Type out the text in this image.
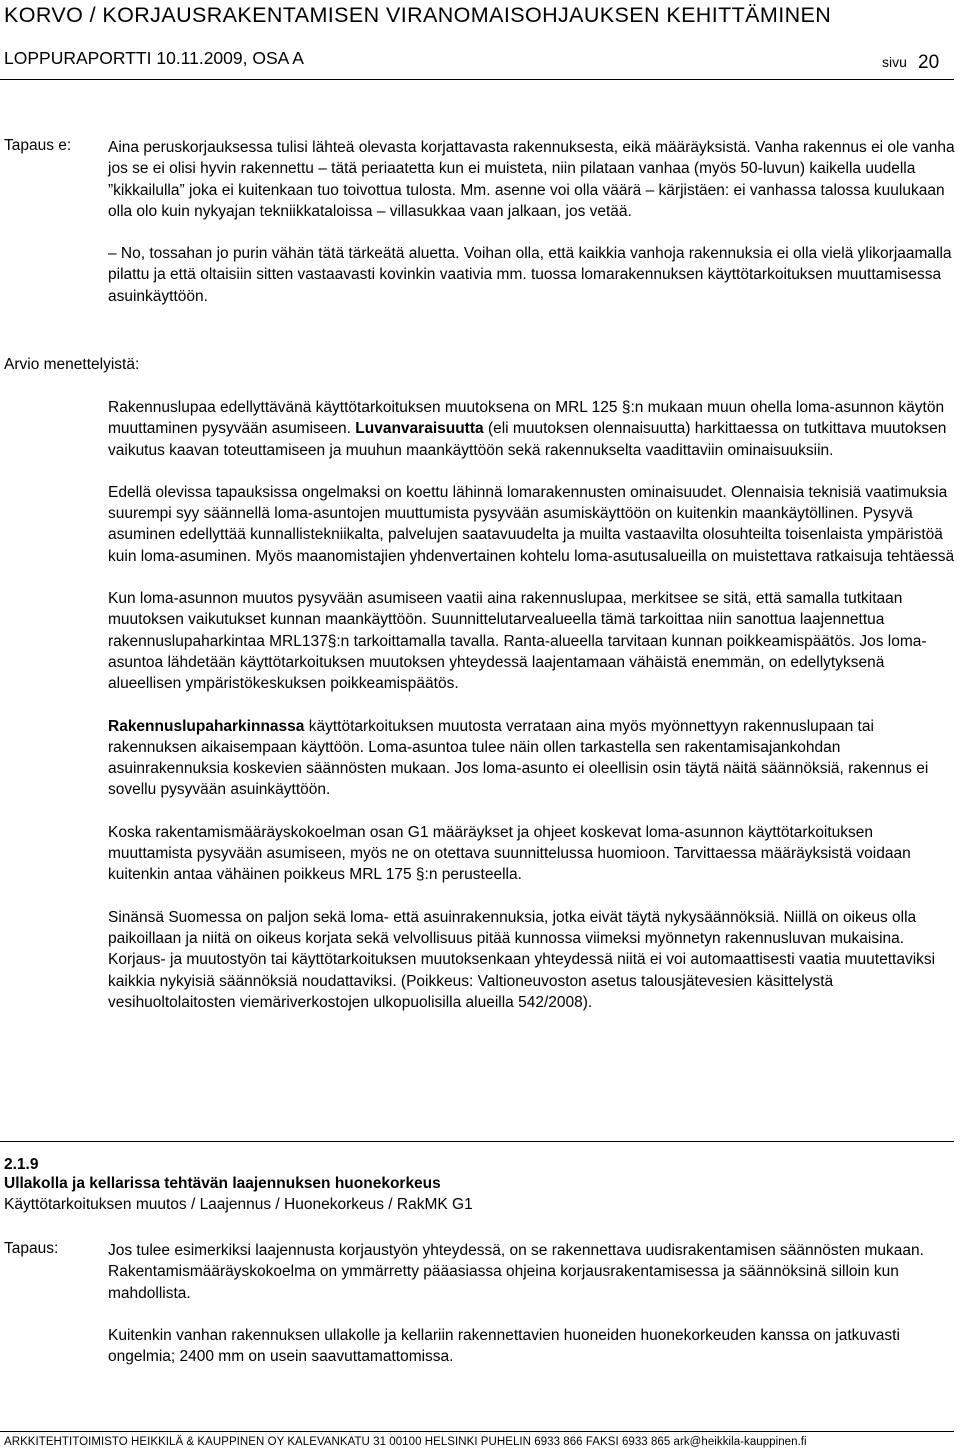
KORVO / KORJAUSRAKENTAMISEN VIRANOMAISOHJAUKSEN KEHITTÄMINEN
LOPPURAPORTTI 10.11.2009, OSA A	sivu 20
Tapaus e: Aina peruskorjauksessa tulisi lähteä olevasta korjattavasta rakennuksesta, eikä määräyksistä. Vanha rakennus ei ole vanha jos se ei olisi hyvin rakennettu – tätä periaatetta kun ei muisteta, niin pilataan vanhaa (myös 50-luvun) kaikella uudella ”kikkailulla” joka ei kuitenkaan tuo toivottua tulosta. Mm. asenne voi olla väärä – kärjistäen: ei vanhassa talossa kuulukaan olla olo kuin nykyajan tekniikkataloissa – villasukkaa vaan jalkaan, jos vetää.

– No, tossahan jo purin vähän tätä tärkeätä aluetta. Voihan olla, että kaikkia vanhoja rakennuksia ei olla vielä ylikorjaamalla pilattu ja että oltaisiin sitten vastaavasti kovinkin vaativia mm. tuossa lomarakennuksen käyttötarkoituksen muuttamisessa asuinkäyttöön.

Arvio menettelyistä:

Rakennuslupaa edellyttävänä käyttötarkoituksen muutoksena on MRL 125 §:n mukaan muun ohella loma-asunnon käytön muuttaminen pysyvään asumiseen. Luvanvaraisuutta (eli muutoksen olennaisuutta) harkittaessa on tutkittava muutoksen vaikutus kaavan toteuttamiseen ja muuhun maankäyttöön sekä rakennukselta vaadittaviin ominaisuuksiin.

Edellä olevissa tapauksissa ongelmaksi on koettu lähinnä lomarakennusten ominaisuudet. Olennaisia teknisiä vaatimuksia suurempi syy säännellä loma-asuntojen muuttumista pysyvään asumiskäyttöön on kuitenkin maankäytöllinen. Pysyvä asuminen edellyttää kunnallistekniikalta, palvelujen saatavuudelta ja muilta vastaavilta olosuhteilta toisenlaista ympäristöä kuin loma-asuminen. Myös maanomistajien yhdenvertainen kohtelu loma-asutusalueilla on muistettava ratkaisuja tehtäessä

Kun loma-asunnon muutos pysyvään asumiseen vaatii aina rakennuslupaa, merkitsee se sitä, että samalla tutkitaan muutoksen vaikutukset kunnan maankäyttöön. Suunnittelutarvealueella tämä tarkoittaa niin sanottua laajennettua rakennuslupaharkintaa MRL137§:n tarkoittamalla tavalla. Ranta-alueella tarvitaan kunnan poikkeamispäätös. Jos loma-asuntoa lähdetään käyttötarkoituksen muutoksen yhteydessä laajentamaan vähäistä enemmän, on edellytyksenä alueellisen ympäristökeskuksen poikkeamispäätös.

Rakennuslupaharkinnassa käyttötarkoituksen muutosta verrataan aina myös myönnettyyn rakennuslupaan tai rakennuksen aikaisempaan käyttöön. Loma-asuntoa tulee näin ollen tarkastella sen rakentamisajankohdan asuinrakennuksia koskevien säännösten mukaan. Jos loma-asunto ei oleellisin osin täytä näitä säännöksiä, rakennus ei sovellu pysyvään asuinkäyttöön.

Koska rakentamismääräyskokoelman osan G1 määräykset ja ohjeet koskevat loma-asunnon käyttötarkoituksen muuttamista pysyvään asumiseen, myös ne on otettava suunnittelussa huomioon. Tarvittaessa määräyksistä voidaan kuitenkin antaa vähäinen poikkeus MRL 175 §:n perusteella.

Sinänsä Suomessa on paljon sekä loma- että asuinrakennuksia, jotka eivät täytä nykysäännöksiä. Niillä on oikeus olla paikoillaan ja niitä on oikeus korjata sekä velvollisuus pitää kunnossa viimeksi myönnetyn rakennusluvan mukaisina. Korjaus- ja muutostyön tai käyttötarkoituksen muutoksenkaan yhteydessä niitä ei voi automaattisesti vaatia muutettaviksi kaikkia nykyisiä säännöksiä noudattaviksi. (Poikkeus: Valtioneuvoston asetus talousjätevesien käsittelystä vesihuoltolaitosten viemäriverkostojen ulkopuolisilla alueilla 542/2008).

2.1.9
Ullakolla ja kellarissa tehtävän laajennuksen huonekorkeus
Käyttötarkoituksen muutos / Laajennus / Huonekorkeus / RakMK G1
Tapaus:	Jos tulee esimerkiksi laajennusta korjaustyön yhteydessä, on se rakennettava uudisrakentamisen säännösten mukaan. Rakentamismääräyskokoelma on ymmärretty pääasiassa ohjeina korjausrakentamisessa ja säännöksinä silloin kun mahdollista.

Kuitenkin vanhan rakennuksen ullakolle ja kellariin rakennettavien huoneiden huonekorkeuden kanssa on jatkuvasti ongelmia; 2400 mm on usein saavuttamattomissa.

ARKKITEHTITOIMISTO HEIKKILÄ & KAUPPINEN OY KALEVANKATU 31 00100 HELSINKI PUHELIN 6933 866 FAKSI 6933 865 ark@heikkila-kauppinen.fi
